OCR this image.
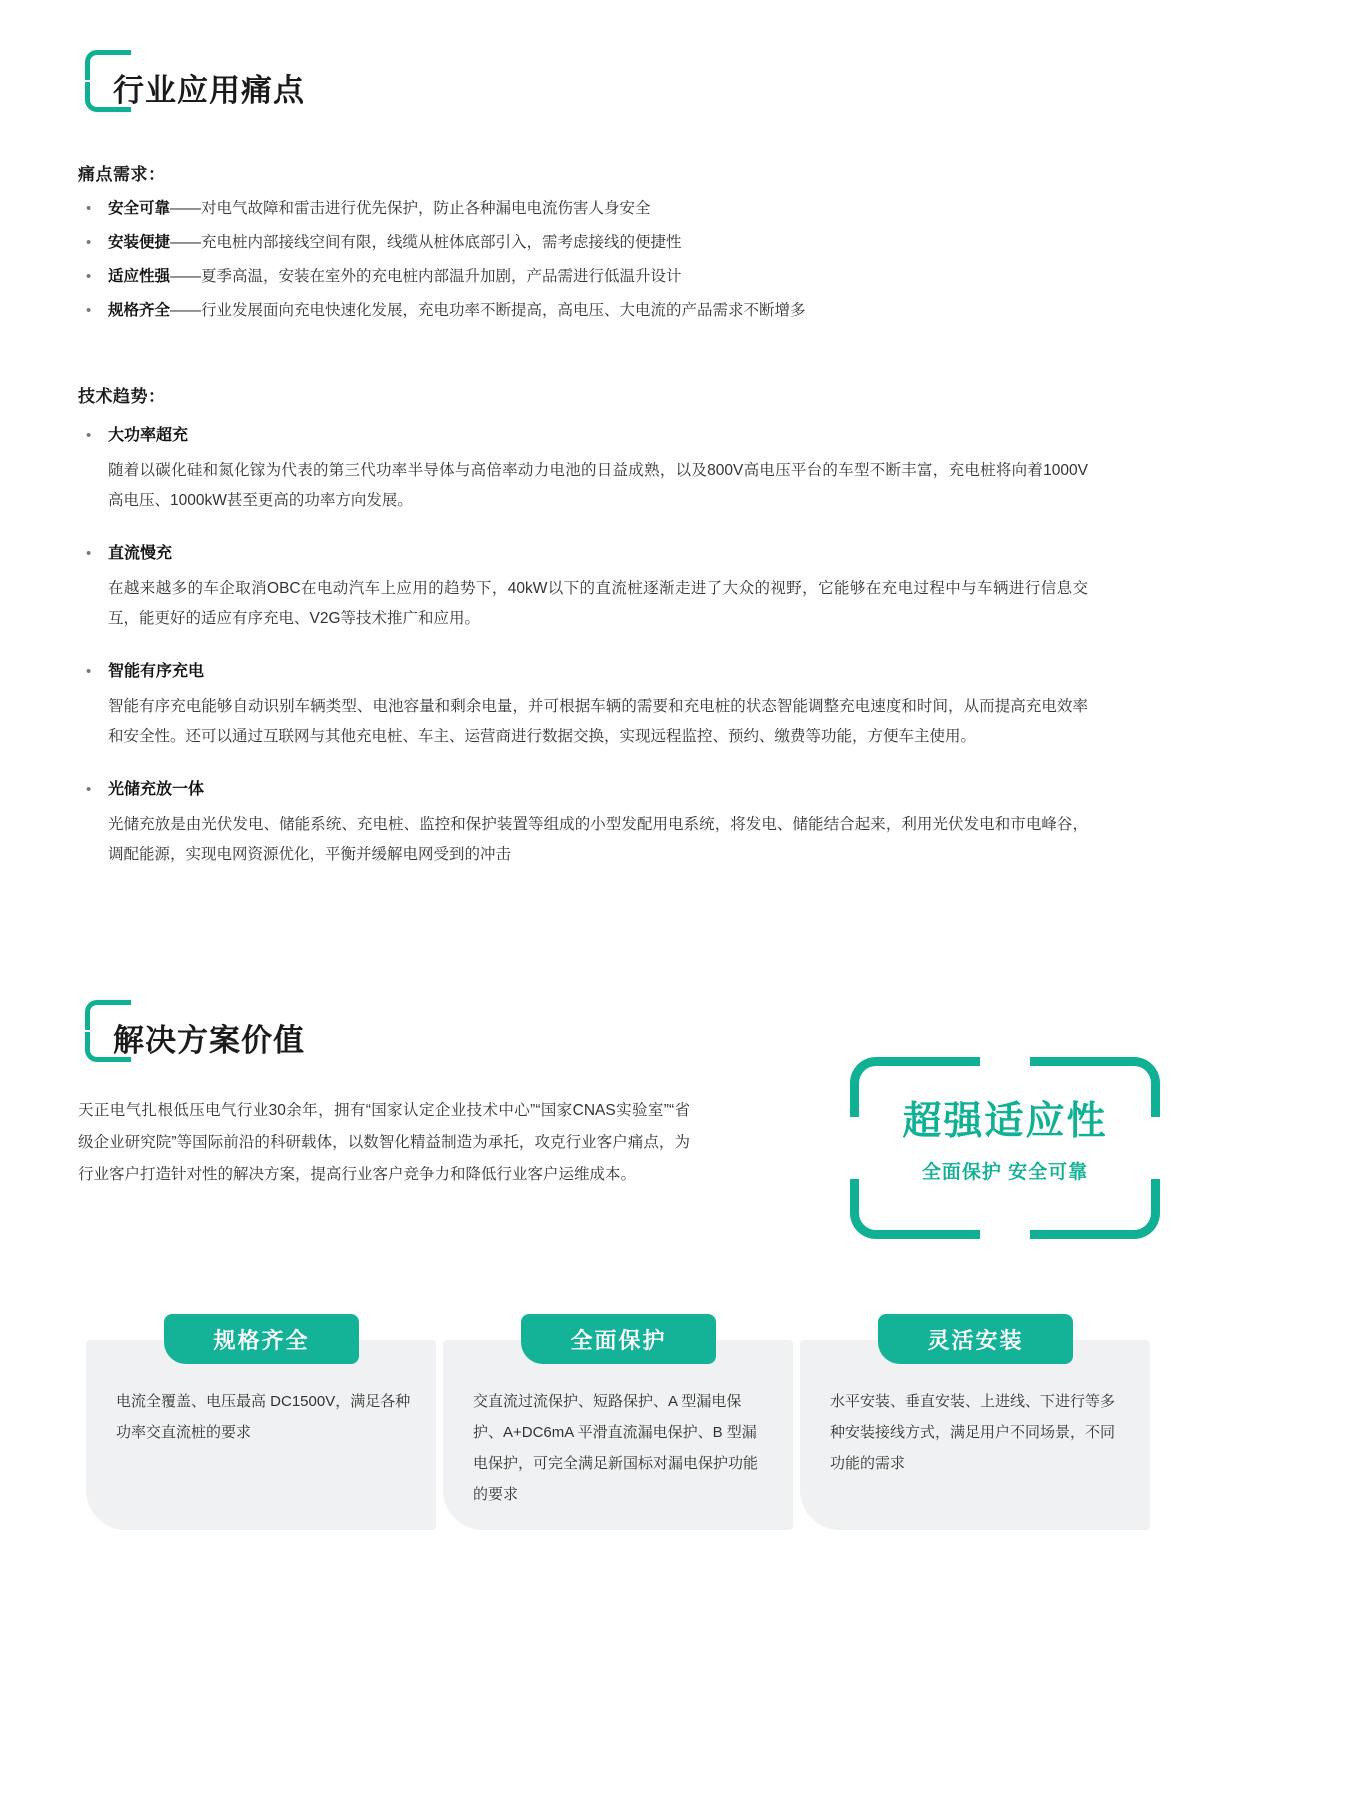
行业应用痛点
痛点需求：
• 安全可靠——对电气故障和雷击进行优先保护，防止各种漏电电流伤害人身安全
• 安装便捷——充电桩内部接线空间有限，线缆从桩体底部引入，需考虑接线的便捷性
• 适应性强——夏季高温，安装在室外的充电桩内部温升加剧，产品需进行低温升设计
• 规格齐全——行业发展面向充电快速化发展，充电功率不断提高，高电压、大电流的产品需求不断增多
技术趋势：
• 大功率超充
随着以碳化硅和氮化镓为代表的第三代功率半导体与高倍率动力电池的日益成熟，以及800V高电压平台的车型不断丰富，充电桩将向着1000V高电压、1000kW甚至更高的功率方向发展。
• 直流慢充
在越来越多的车企取消OBC在电动汽车上应用的趋势下，40kW以下的直流桩逐渐走进了大众的视野，它能够在充电过程中与车辆进行信息交互，能更好的适应有序充电、V2G等技术推广和应用。
• 智能有序充电
智能有序充电能够自动识别车辆类型、电池容量和剩余电量，并可根据车辆的需要和充电桩的状态智能调整充电速度和时间，从而提高充电效率和安全性。还可以通过互联网与其他充电桩、车主、运营商进行数据交换，实现远程监控、预约、缴费等功能，方便车主使用。
• 光储充放一体
光储充放是由光伏发电、储能系统、充电桩、监控和保护装置等组成的小型发配用电系统，将发电、储能结合起来，利用光伏发电和市电峰谷，调配能源，实现电网资源优化，平衡并缓解电网受到的冲击
解决方案价值
天正电气扎根低压电气行业30余年，拥有“国家认定企业技术中心”“国家CNAS实验室”“省级企业研究院”等国际前沿的科研载体，以数智化精益制造为承托，攻克行业客户痛点，为行业客户打造针对性的解决方案，提高行业客户竞争力和降低行业客户运维成本。
超强适应性
全面保护 安全可靠
规格齐全
电流全覆盖、电压最高 DC1500V，满足各种功率交直流桩的要求
全面保护
交直流过流保护、短路保护、A 型漏电保护、A+DC6mA 平滑直流漏电保护、B 型漏电保护，可完全满足新国标对漏电保护功能的要求
灵活安装
水平安装、垂直安装、上进线、下进行等多种安装接线方式，满足用户不同场景，不同功能的需求
